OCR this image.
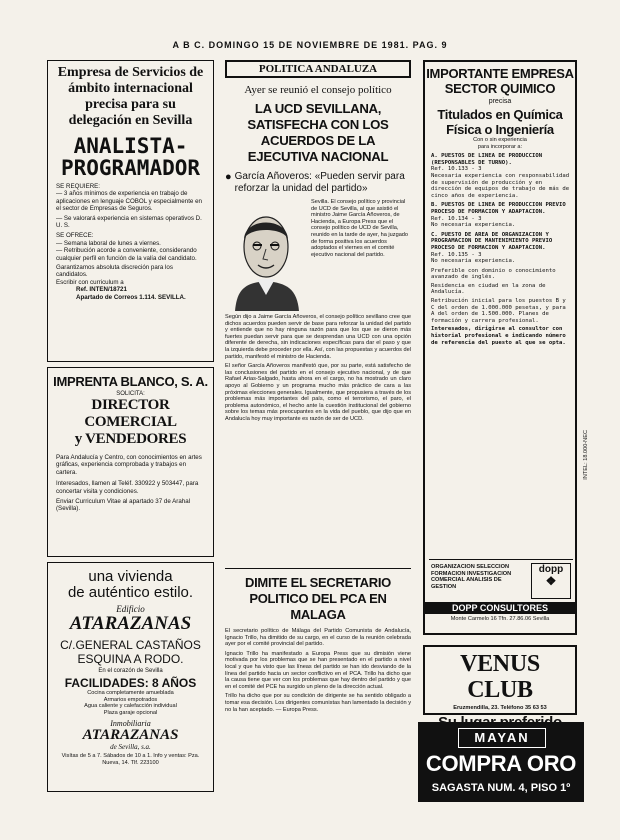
A B C. DOMINGO 15 DE NOVIEMBRE DE 1981. PAG. 9
Empresa de Servicios de ámbito internacional precisa para su delegación en Sevilla
ANALISTA-
PROGRAMADOR

SE REQUIERE:

— 3 años mínimos de experiencia en trabajo de aplicaciones en lenguaje COBOL y especialmente en el sector de Empresas de Seguros.

— Se valorará experiencia en sistemas operativos D. U. S.

SE OFRECE:

— Semana laboral de lunes a viernes.

— Retribución acorde a conveniente, considerando cualquier perfil en función de la valía del candidato.

Garantizamos absoluta discreción para los candidatos.

Escribir con curriculum a

Ref. INTEN/18721

Apartado de Correos 1.114. SEVILLA.

IMPRENTA BLANCO, S. A.
SOLICITA:
DIRECTOR COMERCIAL
y VENDEDORES

Para Andalucía y Centro, con conocimientos en artes gráficas, experiencia comprobada y trabajos en cartera.

Interesados, llamen al Teléf. 330922 y 503447, para concertar visita y condiciones.

Enviar Curriculum Vitae al apartado 37 de Arahal (Sevilla).

una vivienda
de auténtico estilo.
Edificio
ATARAZANAS
C/.GENERAL CASTAÑOS
ESQUINA A RODO.
En el corazón de Sevilla
FACILIDADES: 8 AÑOS

Cocina completamente amueblada

Armarios empotrados

Agua caliente y calefacción individual

Plaza garaje opcional

Inmobiliaria
ATARAZANAS
de Sevilla, s.a.
Visítas de 5 a 7. Sábados de 10 a 1. Info y ventas: Pza. Nueva, 14. Tlf. 223100
POLITICA ANDALUZA
Ayer se reunió el consejo político
LA UCD SEVILLANA, SATISFECHA CON LOS ACUERDOS DE LA EJECUTIVA NACIONAL
● García Añoveros: «Pueden servir para reforzar la unidad del partido»
Sevilla. El consejo político y provincial de UCD de Sevilla, al que asistió el ministro Jaime García Añoveros, de Hacienda, a Europa Press que el consejo político de UCD de Sevilla, reunido en la tarde de ayer, ha juzgado de forma positiva los acuerdos adoptados el viernes en el comité ejecutivo nacional del partido.
Según dijo a Jaime García Añoveros, el consejo político sevillano cree que dichos acuerdos pueden servir de base para reforzar la unidad del partido y entiende que no hay ninguna razón para que los que se dieron más fuertes puedan servir para que se desprendan una UCD con una opción diferente de derecha, sin indicaciones específicas para dar el paso y que la izquierda debe proceder por ella. Así, con las propuestas y acuerdos del partido, manifestó el ministro de Hacienda.
El señor García Añoveros manifestó que, por su parte, está satisfecho de las conclusiones del partido en el consejo ejecutivo nacional, y de que Rafael Arias-Salgado, hasta ahora en el cargo, no ha mostrado un claro apoyo al Gobierno y un programa mucho más práctico de cara a las próximas elecciones generales. Igualmente, que propusiera a través de los problemas más importantes del país, como el terrorismo, el paro, el problema autonómico, el hecho ante la cuestión institucional del gobierno sobre los temas más preocupantes en la vida del pueblo, que dijo que en Andalucía hoy muy importante es razón de ser de UCD.
DIMITE EL SECRETARIO POLITICO DEL PCA EN MALAGA
El secretario político de Málaga del Partido Comunista de Andalucía, Ignacio Trillo, ha dimitido de su cargo, en el curso de la reunión celebrada ayer por el comité provincial del partido.
Ignacio Trillo ha manifestado a Europa Press que su dimisión viene motivada por los problemas que se han presentado en el partido a nivel local y que ha visto que las líneas del partido se han ido desviando de la línea del partido hacia un sector conflictivo en el PCA. Trillo ha dicho que la causa tiene que ver con los problemas que hay dentro del partido y que en el comité del PCE ha surgido un pleno de la dirección actual.
Trillo ha dicho que por su condición de dirigente se ha sentido obligado a tomar esa decisión. Los dirigentes comunistas han lamentado la decisión y no la han aceptado. — Europa Press.
IMPORTANTE EMPRESA
SECTOR QUIMICO
precisa
Titulados en Química
Física o Ingeniería
Con o sin experiencia
para incorporar a:

A. PUESTOS DE LINEA DE PRODUCCION (RESPONSABLES DE TURNO).

Ref. 10.133 - 3

Necesaria experiencia con responsabilidad de supervisión de producción y en dirección de equipos de trabajo de más de cinco años de experiencia.

B. PUESTOS DE LINEA DE PRODUCCION PREVIO PROCESO DE FORMACION Y ADAPTACION.

Ref. 10.134 - 3

No necesaria experiencia.

C. PUESTO DE AREA DE ORGANIZACION Y PROGRAMACION DE MANTENIMIENTO PREVIO PROCESO DE FORMACION Y ADAPTACION.

Ref. 10.135 - 3

No necesaria experiencia.

Preferible con dominio o conocimiento avanzado de inglés.

Residencia en ciudad en la zona de Andalucía.

Retribución inicial para los puestos B y C del orden de 1.000.000 pesetas, y para A del orden de 1.500.000. Planes de formación y carrera profesional.

Interesados, dirigirse al consultor con historial profesional e indicando número de referencia del puesto al que se opta.

ORGANIZACION SELECCION FORMACION INVESTIGACION COMERCIAL ANALISIS DE GESTION
dopp
❖
DOPP CONSULTORES
Monte Carmelo 16 Tfn. 27.86.06 Sevilla
INTEL: 18.000-NEC
VENUS CLUB
Eruzmendilla, 23. Teléfono 35 63 53
MAYAN
COMPRA ORO
SAGASTA NUM. 4, PISO 1º
